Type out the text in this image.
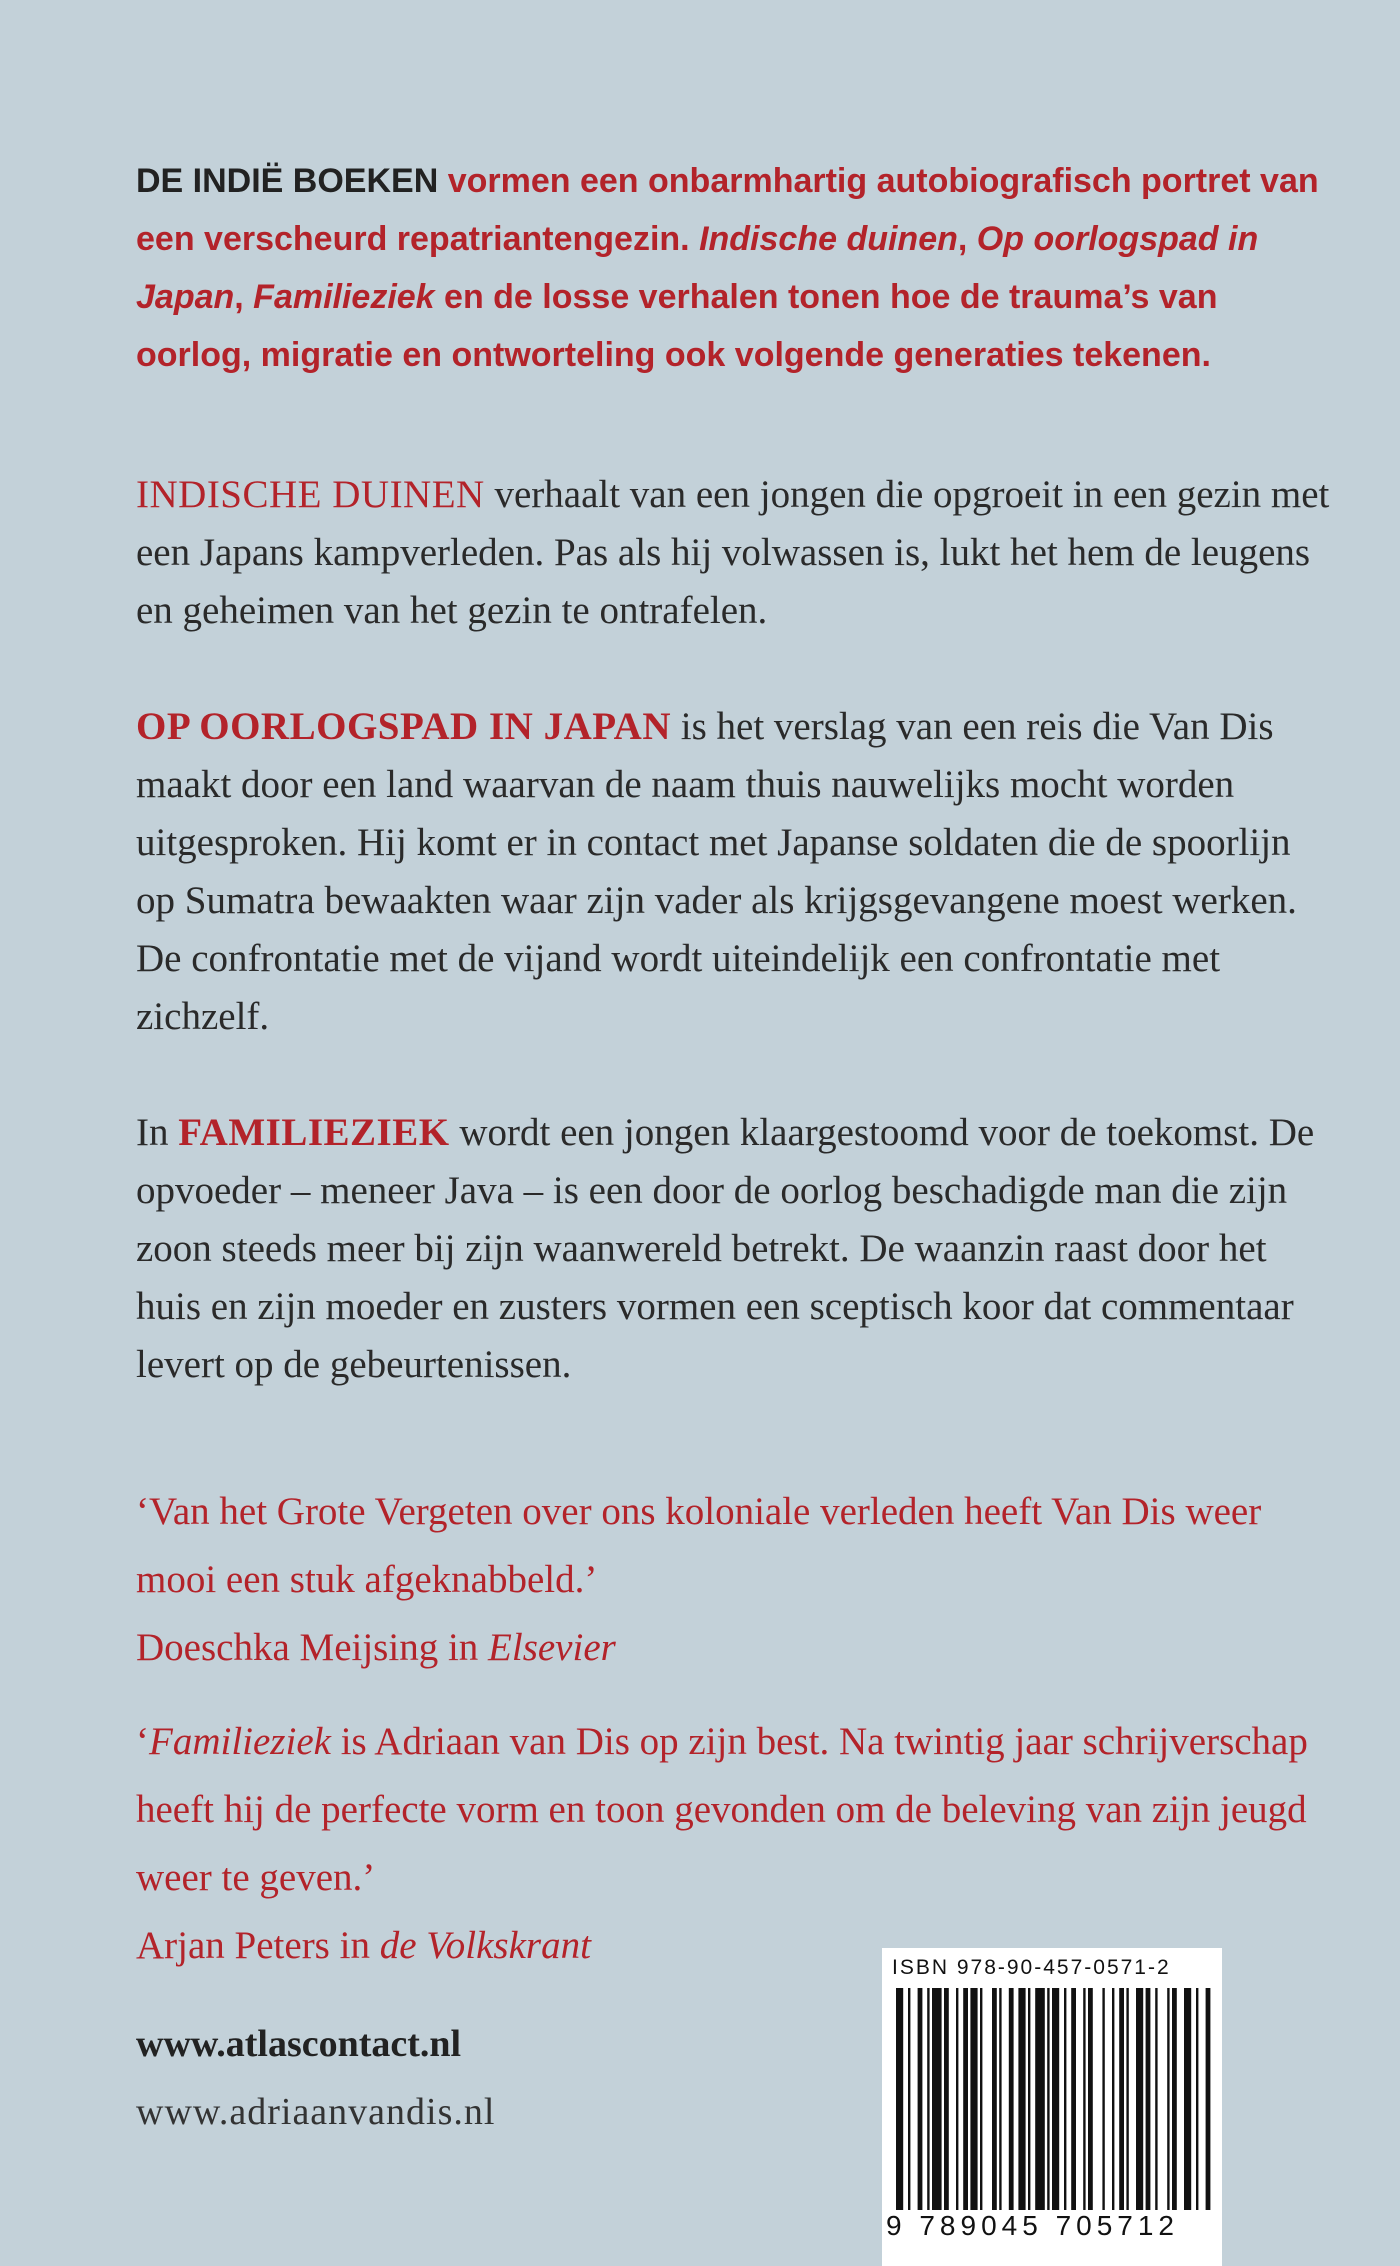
DE INDIË BOEKEN vormen een onbarmhartig autobiografisch portret van een verscheurd repatriantengezin. Indische duinen, Op oorlogspad in Japan, Familieziek en de losse verhalen tonen hoe de trauma’s van oorlog, migratie en ontworteling ook volgende generaties tekenen.
INDISCHE DUINEN verhaalt van een jongen die opgroeit in een gezin met een Japans kampverleden. Pas als hij volwassen is, lukt het hem de leugens en geheimen van het gezin te ontrafelen.
OP OORLOGSPAD IN JAPAN is het verslag van een reis die Van Dis maakt door een land waarvan de naam thuis nauwelijks mocht worden uitgesproken. Hij komt er in contact met Japanse soldaten die de spoorlijn op Sumatra bewaakten waar zijn vader als krijgsgevangene moest werken. De confrontatie met de vijand wordt uiteindelijk een confrontatie met zichzelf.
In FAMILIEZIEK wordt een jongen klaargestoomd voor de toekomst. De opvoeder – meneer Java – is een door de oorlog beschadigde man die zijn zoon steeds meer bij zijn waanwereld betrekt. De waanzin raast door het huis en zijn moeder en zusters vormen een sceptisch koor dat commentaar levert op de gebeurtenissen.
‘Van het Grote Vergeten over ons koloniale verleden heeft Van Dis weer mooi een stuk afgeknabbeld.’
Doeschka Meijsing in Elsevier
‘Familieziek is Adriaan van Dis op zijn best. Na twintig jaar schrijverschap heeft hij de perfecte vorm en toon gevonden om de beleving van zijn jeugd weer te geven.’
Arjan Peters in de Volkskrant
www.atlascontact.nl
www.adriaanvandis.nl
ISBN 978-90-457-0571-2
9 789045 705712
